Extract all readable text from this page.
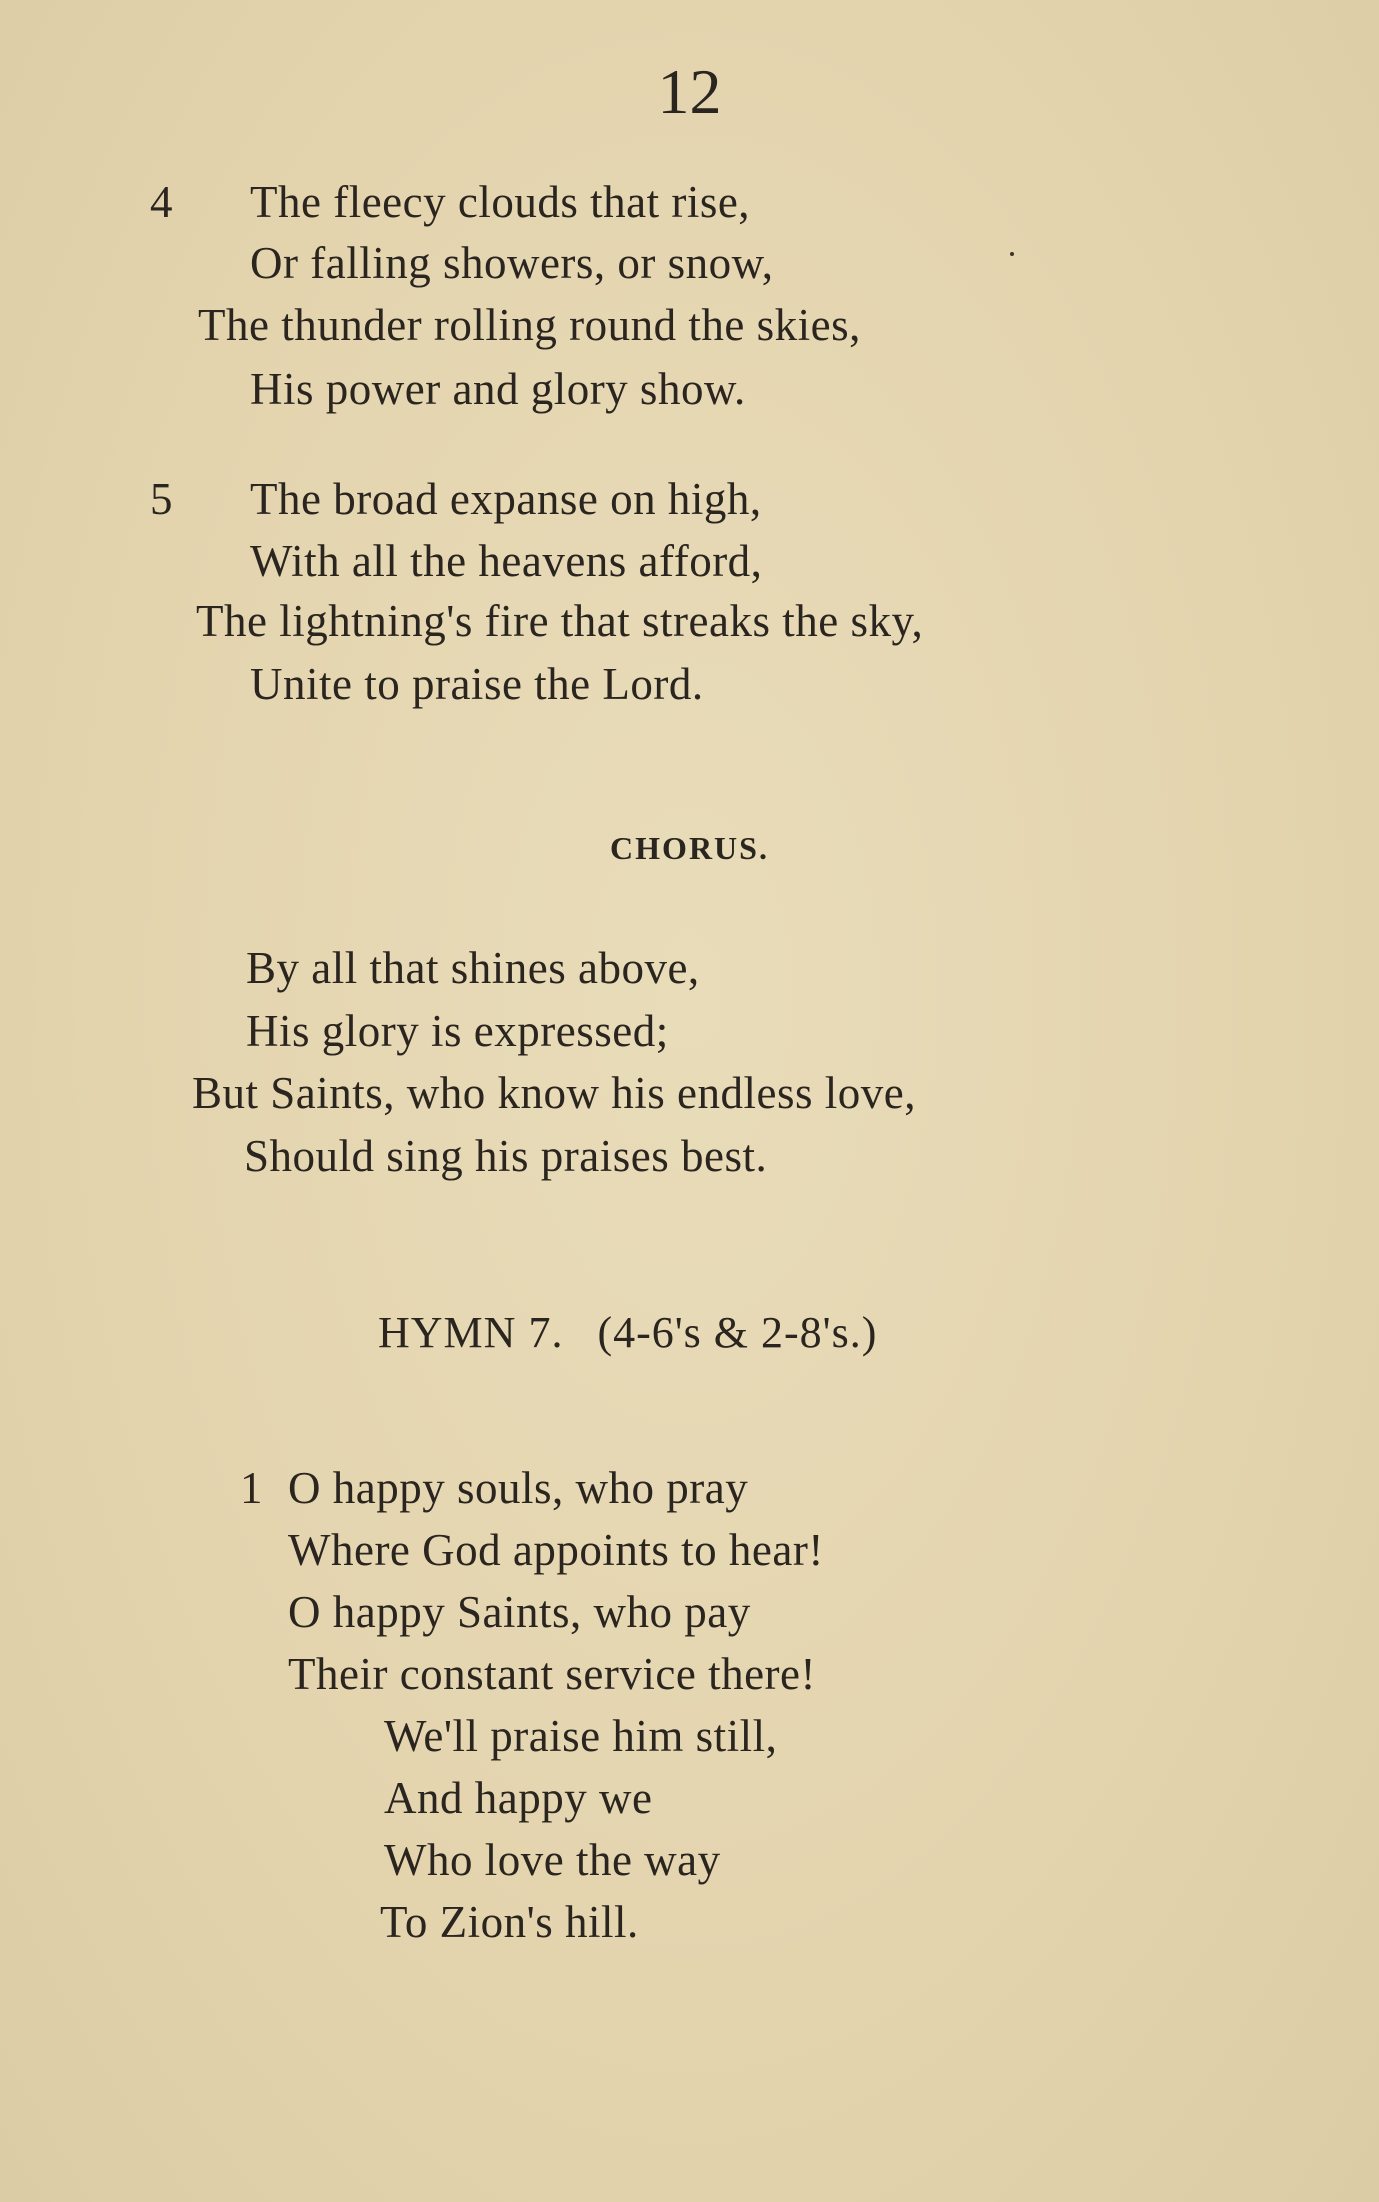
12
4 The fleecy clouds that rise,
Or falling showers, or snow,
The thunder rolling round the skies,
His power and glory show.
5 The broad expanse on high,
With all the heavens afford,
The lightning's fire that streaks the sky,
Unite to praise the Lord.
CHORUS.
By all that shines above,
His glory is expressed;
But Saints, who know his endless love,
Should sing his praises best.
HYMN 7. (4-6's & 2-8's.)
1 O happy souls, who pray
Where God appoints to hear!
O happy Saints, who pay
Their constant service there!
We'll praise him still,
And happy we
Who love the way
To Zion's hill.
